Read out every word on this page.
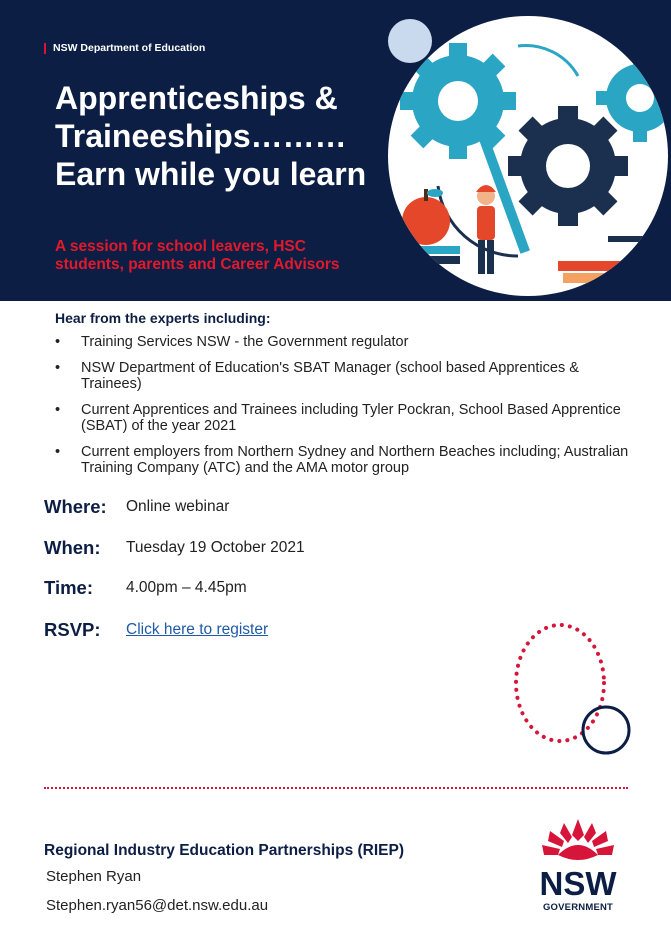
NSW Department of Education
Apprenticeships & Traineeships……… Earn while you learn
A session for school leavers, HSC students, parents and Career Advisors
Hear from the experts including:
• Training Services NSW - the Government regulator
• NSW Department of Education's SBAT Manager (school based Apprentices & Trainees)
• Current Apprentices and Trainees including Tyler Pockran, School Based Apprentice (SBAT) of the year 2021
• Current employers from Northern Sydney and Northern Beaches including; Australian Training Company (ATC) and the AMA motor group
Where: Online webinar
When: Tuesday 19 October 2021
Time: 4.00pm – 4.45pm
RSVP: Click here to register
Regional Industry Education Partnerships (RIEP)
Stephen Ryan
Stephen.ryan56@det.nsw.edu.au
NSW
GOVERNMENT
